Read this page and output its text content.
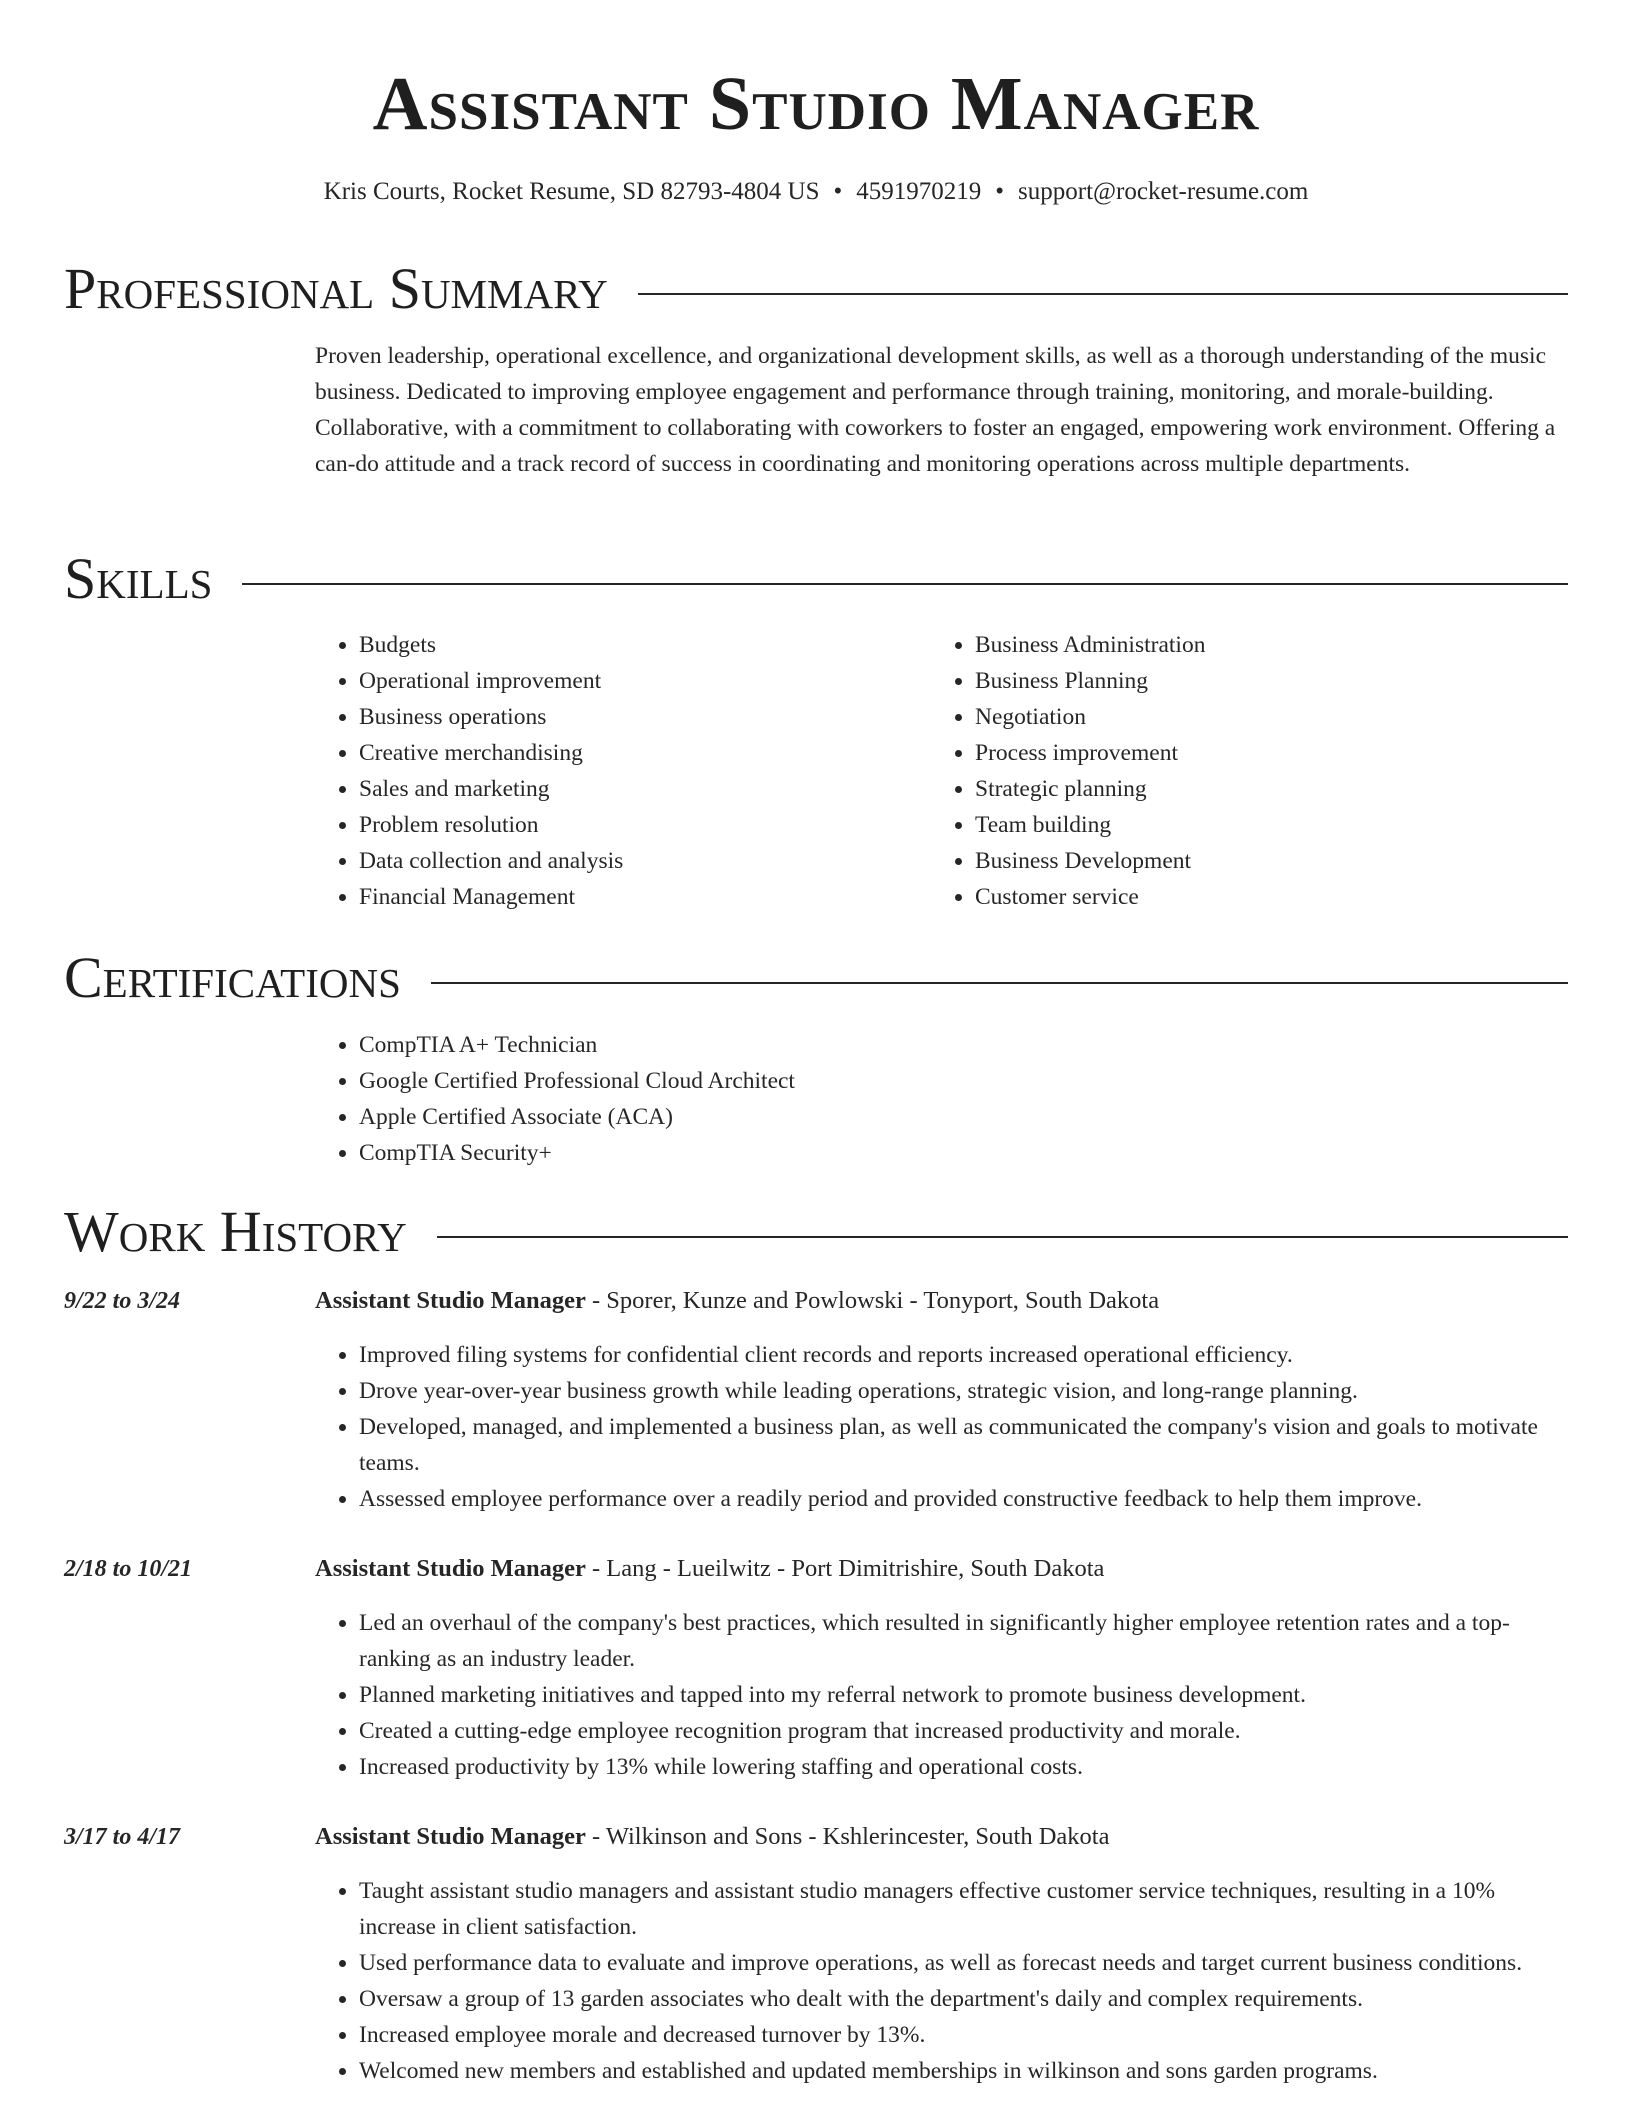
Assistant Studio Manager
Kris Courts, Rocket Resume, SD 82793-4804 US • 4591970219 • support@rocket-resume.com
Professional Summary
Proven leadership, operational excellence, and organizational development skills, as well as a thorough understanding of the music business. Dedicated to improving employee engagement and performance through training, monitoring, and morale-building. Collaborative, with a commitment to collaborating with coworkers to foster an engaged, empowering work environment. Offering a can-do attitude and a track record of success in coordinating and monitoring operations across multiple departments.
Skills
• Budgets
• Operational improvement
• Business operations
• Creative merchandising
• Sales and marketing
• Problem resolution
• Data collection and analysis
• Financial Management
• Business Administration
• Business Planning
• Negotiation
• Process improvement
• Strategic planning
• Team building
• Business Development
• Customer service
Certifications
• CompTIA A+ Technician
• Google Certified Professional Cloud Architect
• Apple Certified Associate (ACA)
• CompTIA Security+
Work History
9/22 to 3/24	Assistant Studio Manager - Sporer, Kunze and Powlowski - Tonyport, South Dakota
• Improved filing systems for confidential client records and reports increased operational efficiency.
• Drove year-over-year business growth while leading operations, strategic vision, and long-range planning.
• Developed, managed, and implemented a business plan, as well as communicated the company's vision and goals to motivate teams.
• Assessed employee performance over a readily period and provided constructive feedback to help them improve.
2/18 to 10/21	Assistant Studio Manager - Lang - Lueilwitz - Port Dimitrishire, South Dakota
• Led an overhaul of the company's best practices, which resulted in significantly higher employee retention rates and a top-ranking as an industry leader.
• Planned marketing initiatives and tapped into my referral network to promote business development.
• Created a cutting-edge employee recognition program that increased productivity and morale.
• Increased productivity by 13% while lowering staffing and operational costs.
3/17 to 4/17	Assistant Studio Manager - Wilkinson and Sons - Kshlerincester, South Dakota
• Taught assistant studio managers and assistant studio managers effective customer service techniques, resulting in a 10% increase in client satisfaction.
• Used performance data to evaluate and improve operations, as well as forecast needs and target current business conditions.
• Oversaw a group of 13 garden associates who dealt with the department's daily and complex requirements.
• Increased employee morale and decreased turnover by 13%.
• Welcomed new members and established and updated memberships in wilkinson and sons garden programs.
